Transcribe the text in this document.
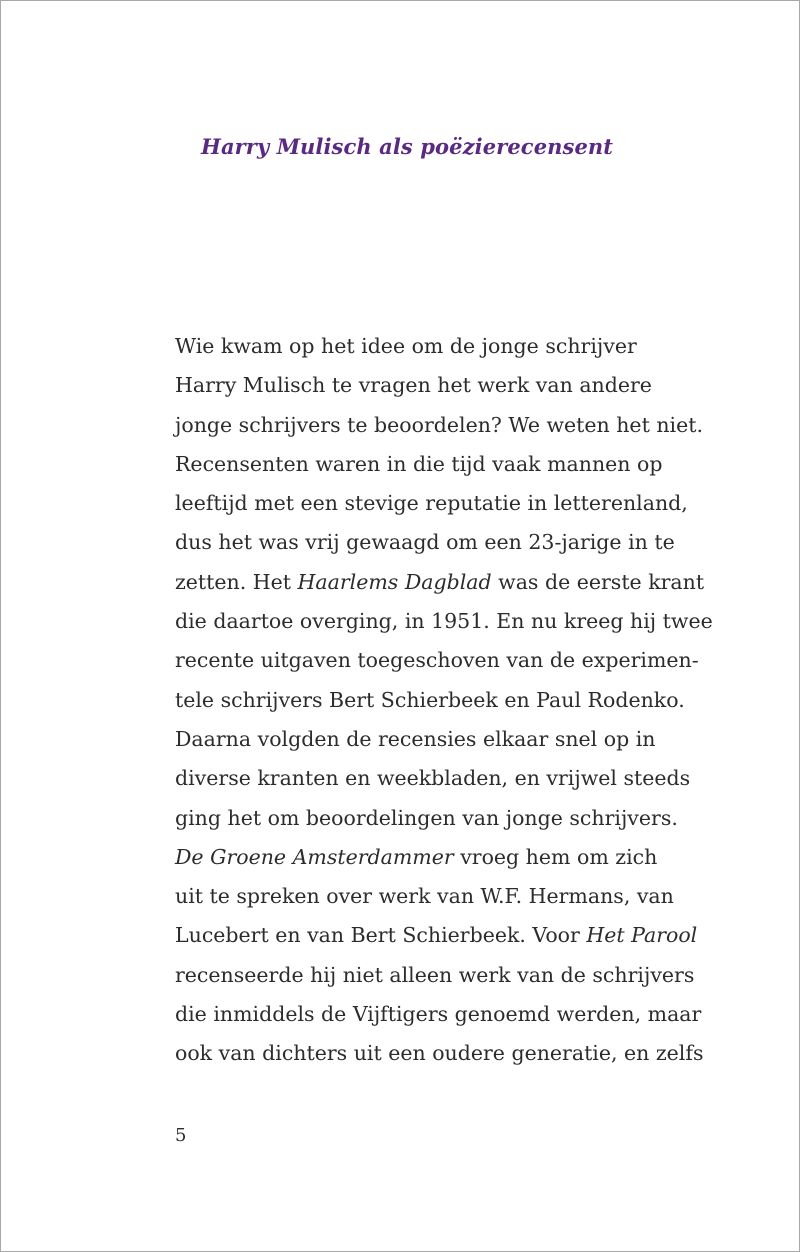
Harry Mulisch als poëzierecensent
Wie kwam op het idee om de jonge schrijver
Harry Mulisch te vragen het werk van andere
jonge schrijvers te beoordelen? We weten het niet.
Recensenten waren in die tijd vaak mannen op
leeftijd met een stevige reputatie in letterenland,
dus het was vrij gewaagd om een 23-jarige in te
zetten. Het Haarlems Dagblad was de eerste krant
die daartoe overging, in 1951. En nu kreeg hij twee
recente uitgaven toegeschoven van de experimen-
tele schrijvers Bert Schierbeek en Paul Rodenko.
Daarna volgden de recensies elkaar snel op in
diverse kranten en weekbladen, en vrijwel steeds
ging het om beoordelingen van jonge schrijvers.
De Groene Amsterdammer vroeg hem om zich
uit te spreken over werk van W.F. Hermans, van
Lucebert en van Bert Schierbeek. Voor Het Parool
recenseerde hij niet alleen werk van de schrijvers
die inmiddels de Vijftigers genoemd werden, maar
ook van dichters uit een oudere generatie, en zelfs
5
